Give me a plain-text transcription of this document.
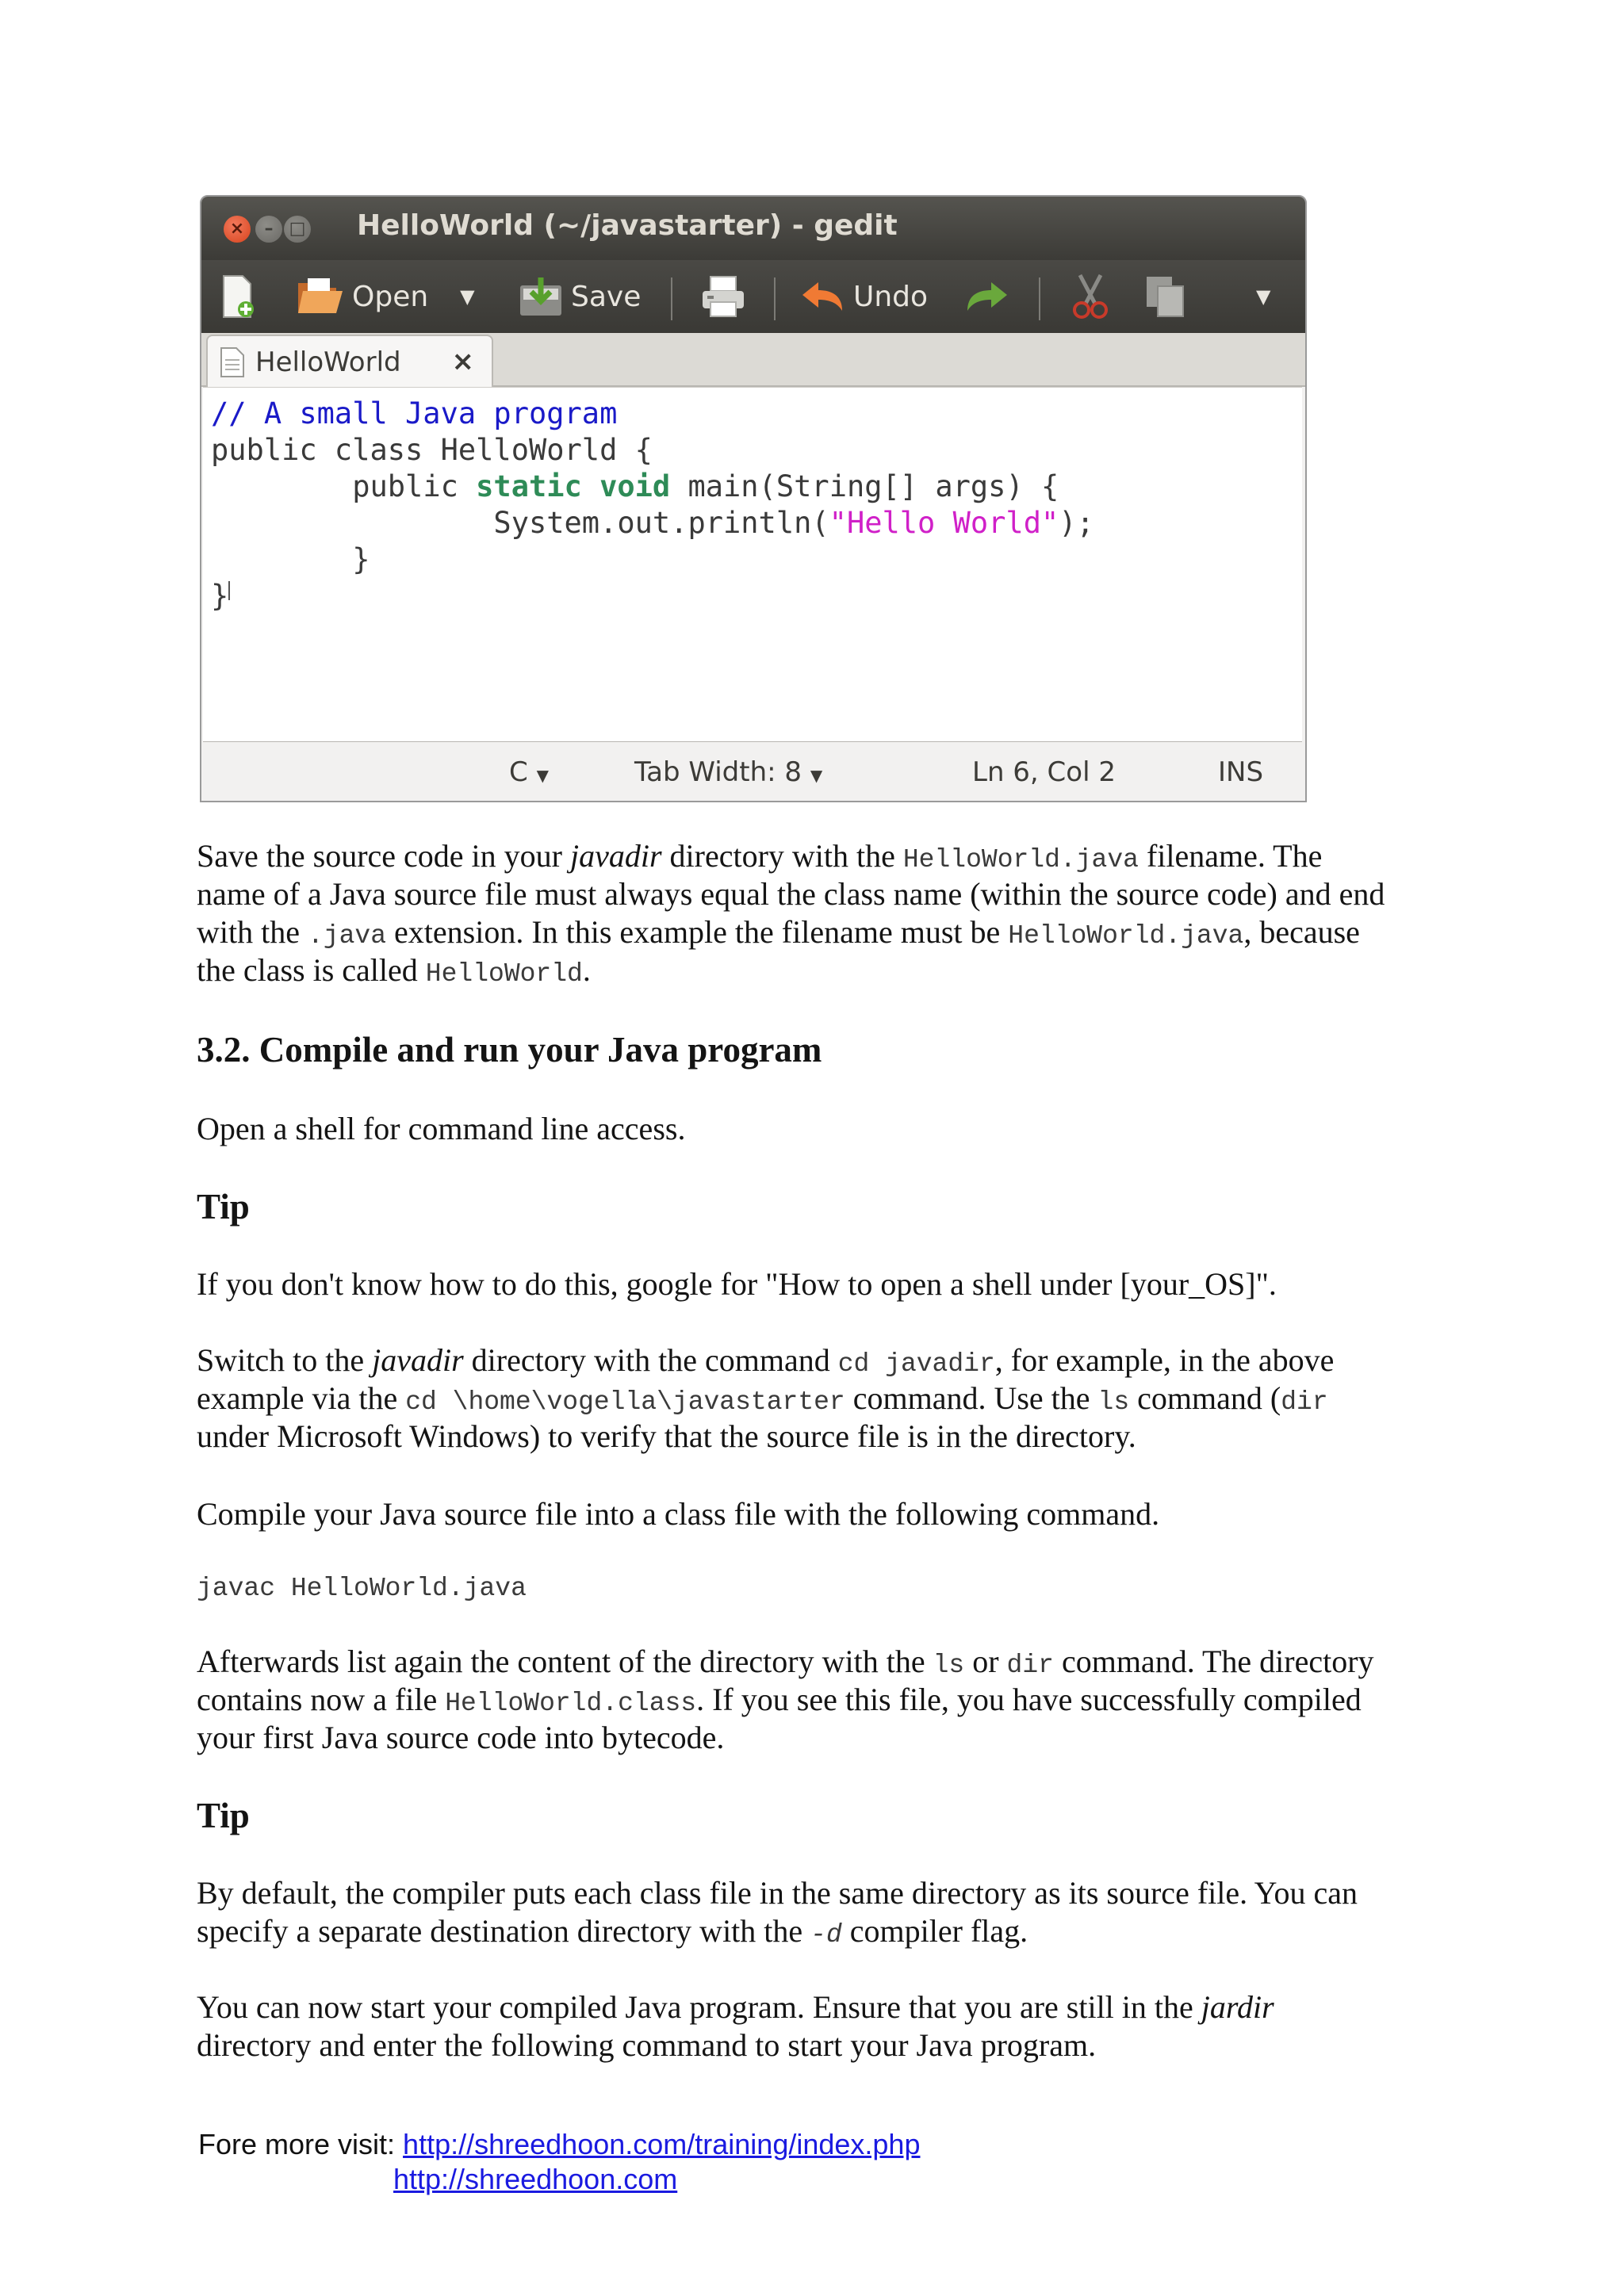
×	– □ HelloWorld (~/javastarter) - gedit
Open ▼	Save	Undo	▼
HelloWorld ×
// A small Java program
public class HelloWorld {
public static void main(String[] args) {
System.out.println("Hello World");
}
}
C ▼	Tab Width: 8 ▼	Ln 6, Col 2	INS

Save the source code in your javadir directory with the HelloWorld.java filename. The

name of a Java source file must always equal the class name (within the source code) and end

with the .java extension. In this example the filename must be HelloWorld.java, because

the class is called HelloWorld.

3.2. Compile and run your Java program

Open a shell for command line access.

Tip

If you don't know how to do this, google for "How to open a shell under [your_OS]".

Switch to the javadir directory with the command cd javadir, for example, in the above

example via the cd \home\vogella\javastarter command. Use the ls command (dir

under Microsoft Windows) to verify that the source file is in the directory.

Compile your Java source file into a class file with the following command.

javac HelloWorld.java

Afterwards list again the content of the directory with the ls or dir command. The directory

contains now a file HelloWorld.class. If you see this file, you have successfully compiled

your first Java source code into bytecode.

Tip

By default, the compiler puts each class file in the same directory as its source file. You can

specify a separate destination directory with the -d compiler flag.

You can now start your compiled Java program. Ensure that you are still in the jardir

directory and enter the following command to start your Java program.

Fore more visit: http://shreedhoon.com/training/index.php
http://shreedhoon.com
